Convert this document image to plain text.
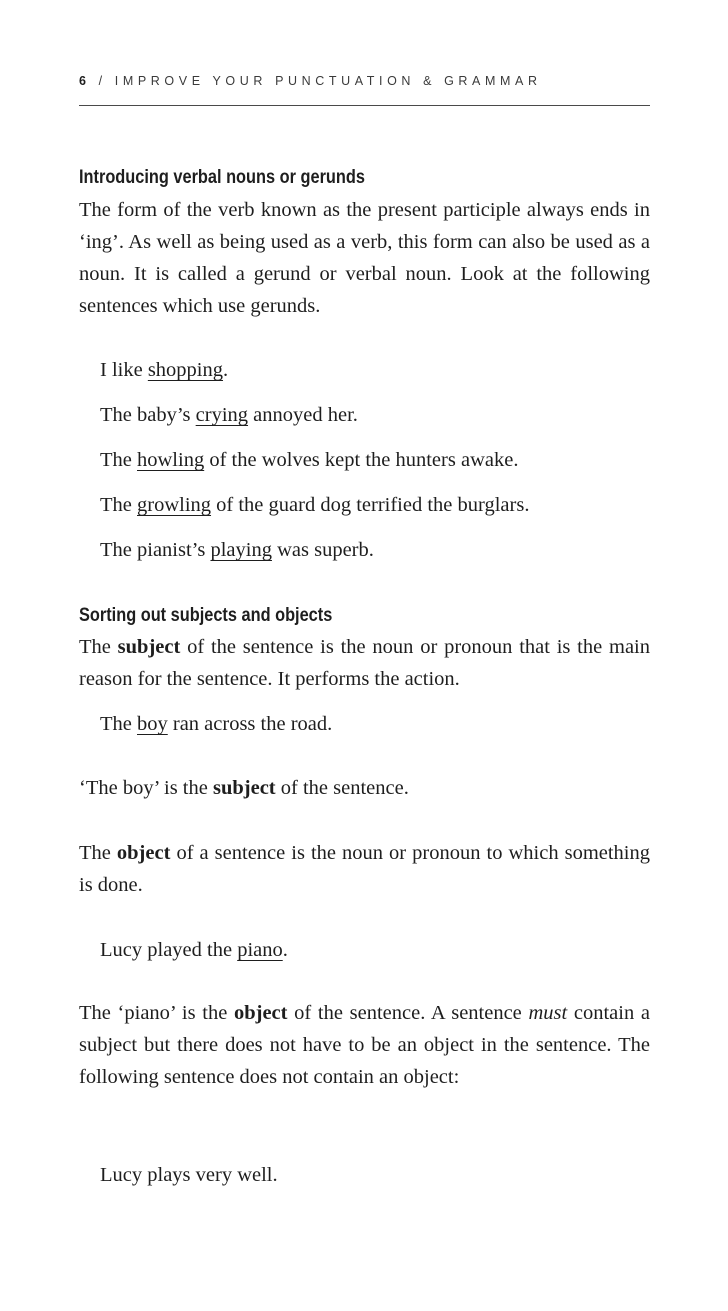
6 / IMPROVE YOUR PUNCTUATION & GRAMMAR
Introducing verbal nouns or gerunds
The form of the verb known as the present participle always ends in ‘ing’. As well as being used as a verb, this form can also be used as a noun. It is called a gerund or verbal noun. Look at the following sentences which use gerunds.
I like shopping.
The baby’s crying annoyed her.
The howling of the wolves kept the hunters awake.
The growling of the guard dog terrified the burglars.
The pianist’s playing was superb.
Sorting out subjects and objects
The subject of the sentence is the noun or pronoun that is the main reason for the sentence. It performs the action.
The boy ran across the road.
‘The boy’ is the subject of the sentence.
The object of a sentence is the noun or pronoun to which something is done.
Lucy played the piano.
The ‘piano’ is the object of the sentence. A sentence must contain a subject but there does not have to be an object in the sentence. The following sentence does not contain an object:
Lucy plays very well.
